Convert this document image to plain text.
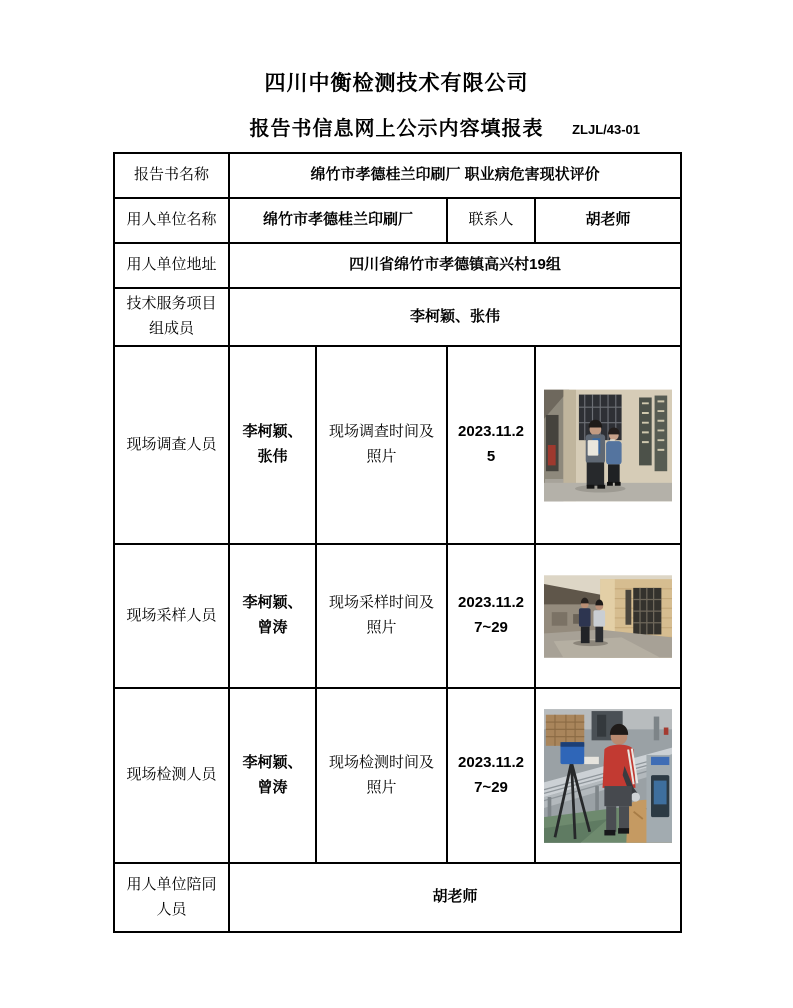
四川中衡检测技术有限公司
报告书信息网上公示内容填报表	ZLJL/43-01
报告书名称	绵竹市孝德桂兰印刷厂 职业病危害现状评价			
用人单位名称	绵竹市孝德桂兰印刷厂		联系人	胡老师
用人单位地址	四川省绵竹市孝德镇高兴村19组			
技术服务项目组成员	李柯颖、张伟			
现场调查人员	李柯颖、张伟	现场调查时间及照片	2023.11.25	

现场采样人员	李柯颖、曾涛	现场采样时间及照片	2023.11.27~29	

现场检测人员	李柯颖、曾涛	现场检测时间及照片	2023.11.27~29	

用人单位陪同人员	胡老师			
